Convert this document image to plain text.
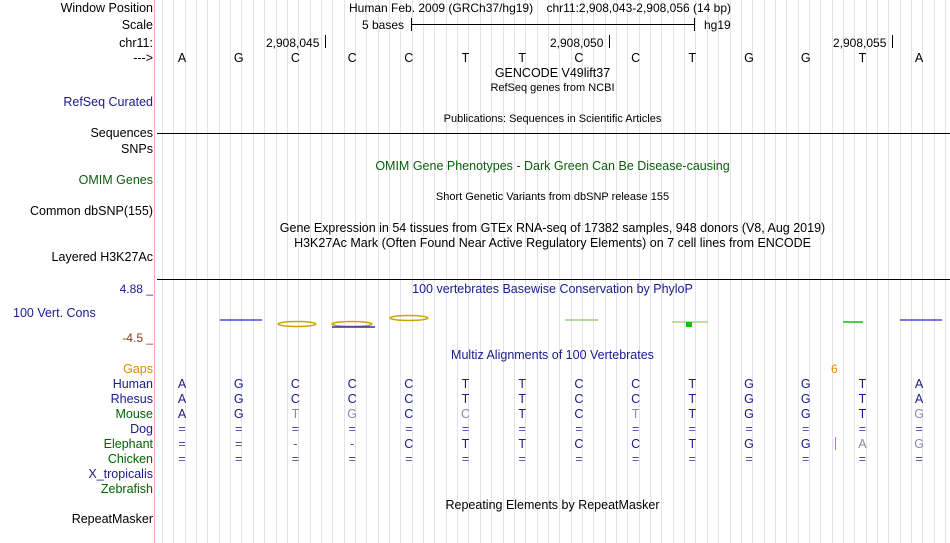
Window Position	Human Feb. 2009 (GRCh37/hg19)    chr11:2,908,043-2,908,056 (14 bp)
Scale	5 bases	hg19
chr11:	2,908,045	2,908,050	2,908,055
--->	A	G	C	C	C	T	T	C	C	T	G	G	T	A
GENCODE V49lift37
RefSeq genes from NCBI
RefSeq Curated
Publications: Sequences in Scientific Articles
Sequences
SNPs
OMIM Gene Phenotypes - Dark Green Can Be Disease-causing
OMIM Genes
Short Genetic Variants from dbSNP release 155
Common dbSNP(155)
Gene Expression in 54 tissues from GTEx RNA-seq of 17382 samples, 948 donors (V8, Aug 2019)
H3K27Ac Mark (Often Found Near Active Regulatory Elements) on 7 cell lines from ENCODE
Layered H3K27Ac
100 vertebrates Basewise Conservation by PhyloP
4.88 _
100 Vert. Cons
-4.5 _
Multiz Alignments of 100 Vertebrates
Gaps	6
Human	A	G	C	C	C	T	T	C	C	T	G	G	T	A
Rhesus	A	G	C	C	C	T	T	C	C	T	G	G	T	A
Mouse	A	G	T	G	C	C	T	C	T	T	G	G	T	G
Dog	=	=	=	=	=	=	=	=	=	=	=	=	=	=
Elephant	=	=	-	-	C	T	T	C	C	T	G	G	A	G
Chicken	=	=	=	=	=	=	=	=	=	=	=	=	=	=
X_tropicalis
Zebrafish
Repeating Elements by RepeatMasker
RepeatMasker
